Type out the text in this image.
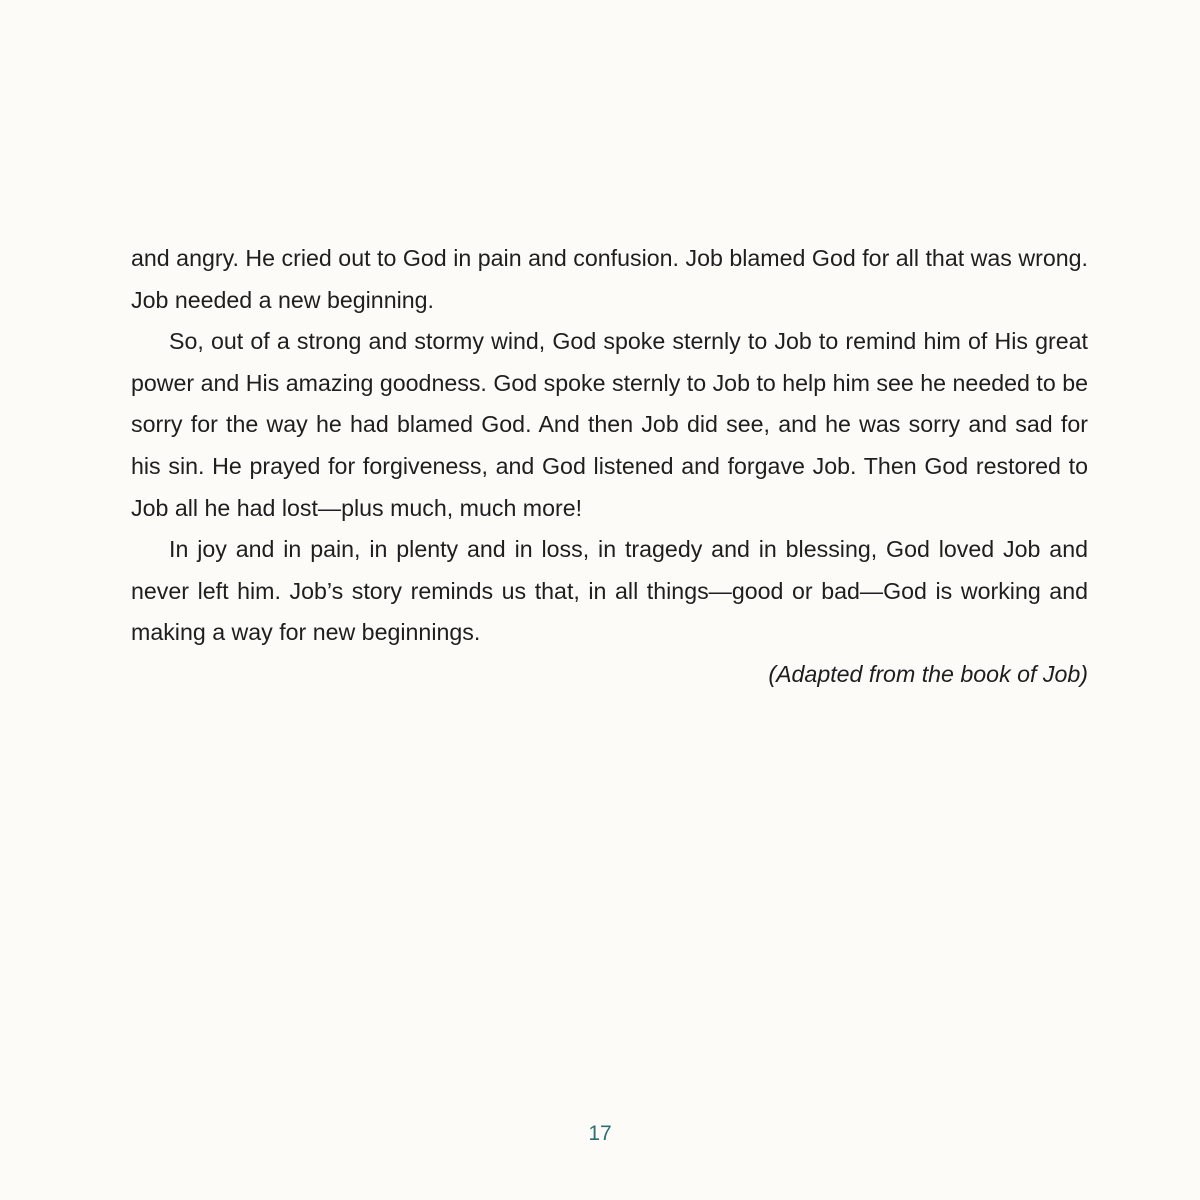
and angry. He cried out to God in pain and confusion. Job blamed God for all that was wrong. Job needed a new beginning.

So, out of a strong and stormy wind, God spoke sternly to Job to remind him of His great power and His amazing goodness. God spoke sternly to Job to help him see he needed to be sorry for the way he had blamed God. And then Job did see, and he was sorry and sad for his sin. He prayed for forgiveness, and God listened and forgave Job. Then God restored to Job all he had lost—plus much, much more!

In joy and in pain, in plenty and in loss, in tragedy and in blessing, God loved Job and never left him. Job’s story reminds us that, in all things—good or bad—God is working and making a way for new beginnings.

(Adapted from the book of Job)

17
